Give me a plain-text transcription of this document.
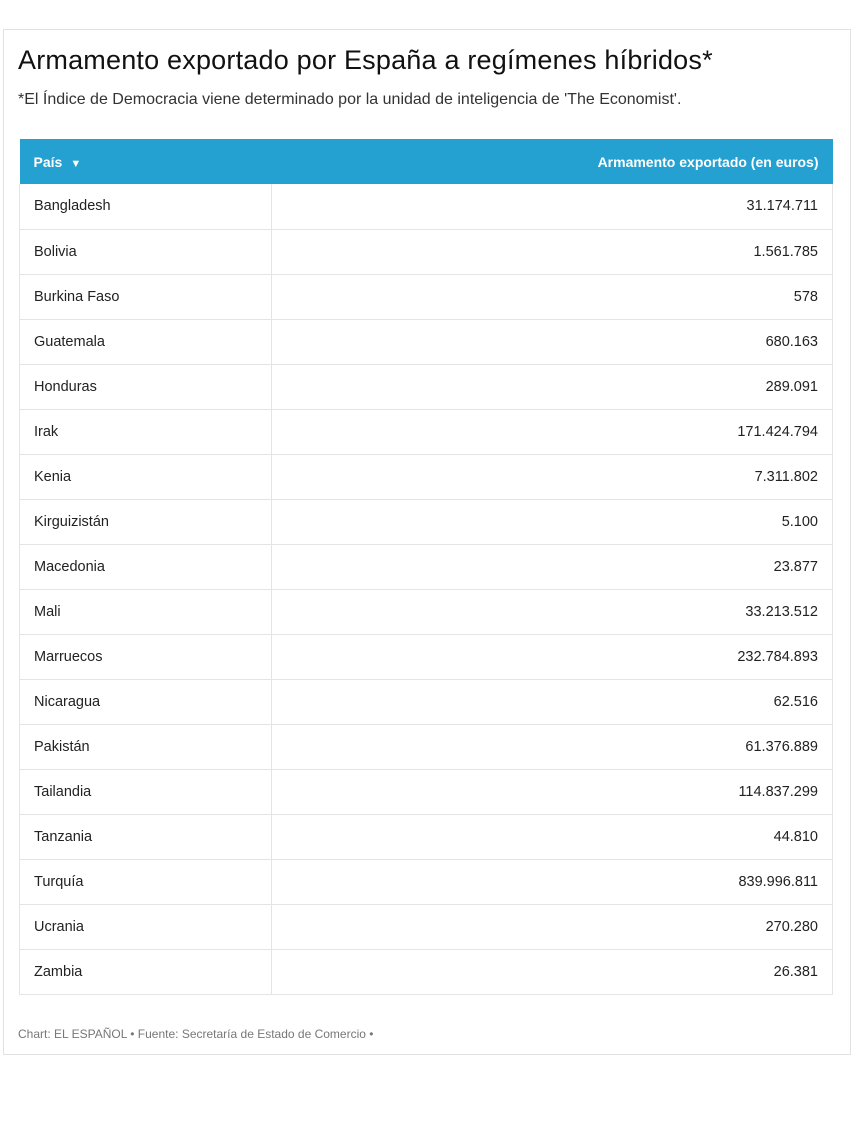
Armamento exportado por España a regímenes híbridos*
*El Índice de Democracia viene determinado por la unidad de inteligencia de 'The Economist'.
País ▼	Armamento exportado (en euros)
Bangladesh	31.174.711
Bolivia	1.561.785
Burkina Faso	578
Guatemala	680.163
Honduras	289.091
Irak	171.424.794
Kenia	7.311.802
Kirguizistán	5.100
Macedonia	23.877
Mali	33.213.512
Marruecos	232.784.893
Nicaragua	62.516
Pakistán	61.376.889
Tailandia	114.837.299
Tanzania	44.810
Turquía	839.996.811
Ucrania	270.280
Zambia	26.381
Chart: EL ESPAÑOL • Fuente: Secretaría de Estado de Comercio •
